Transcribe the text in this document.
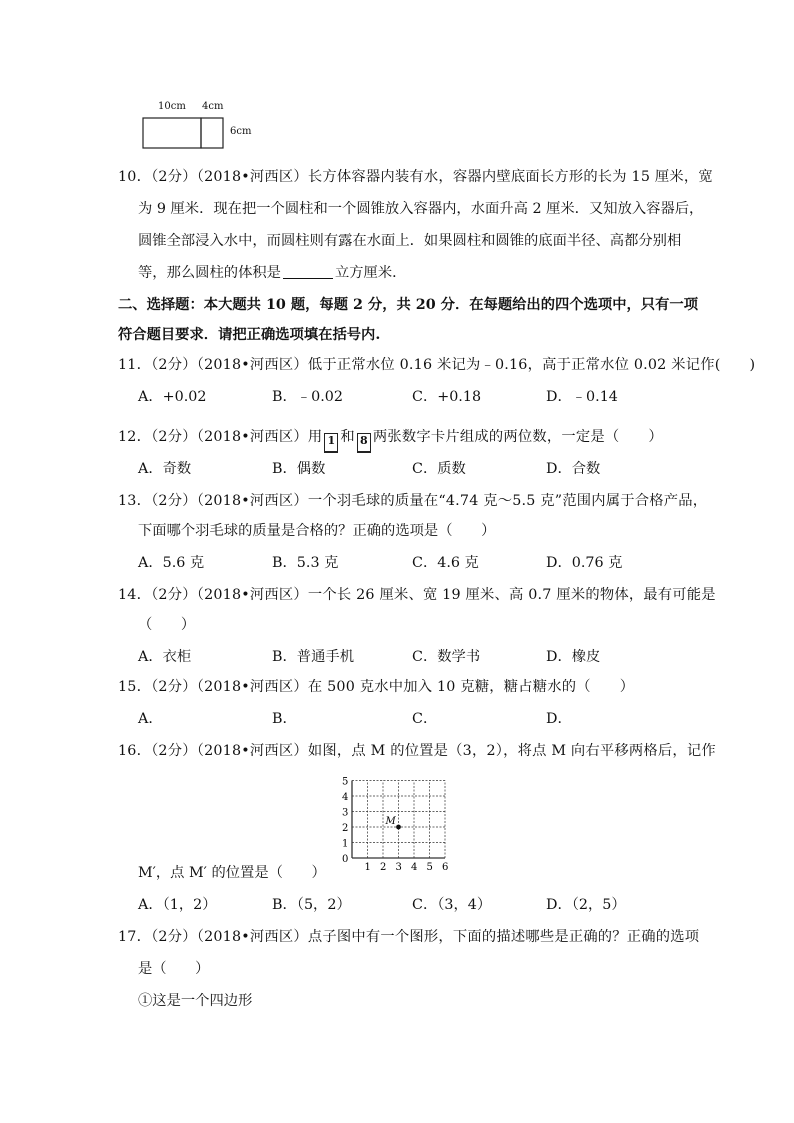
10cm 4cm
6cm
10．（2分）（2018•河西区）长方体容器内装有水，容器内壁底面长方形的长为 15 厘米，宽
为 9 厘米．现在把一个圆柱和一个圆锥放入容器内，水面升高 2 厘米．又知放入容器后，
圆锥全部浸入水中，而圆柱则有露在水面上．如果圆柱和圆锥的底面半径、高都分别相
等，那么圆柱的体积是	立方厘米．
二、选择题：本大题共 10 题，每题 2 分，共 20 分．在每题给出的四个选项中，只有一项
符合题目要求．请把正确选项填在括号内.
11．（2分）（2018•河西区）低于正常水位 0.16 米记为﹣0.16，高于正常水位 0.02 米记作(　　)
A．+0.02	B．﹣0.02	C．+0.18	D．﹣0.14
12．（2分）（2018•河西区）用 1 和 8 两张数字卡片组成的两位数，一定是（　　）
A．奇数	B．偶数	C．质数	D．合数
13．（2分）（2018•河西区）一个羽毛球的质量在“4.74 克～5.5 克”范围内属于合格产品，
下面哪个羽毛球的质量是合格的？正确的选项是（　　）
A．5.6 克	B．5.3 克	C．4.6 克	D．0.76 克
14．（2分）（2018•河西区）一个长 26 厘米、宽 19 厘米、高 0.7 厘米的物体，最有可能是
（　　）
A．衣柜	B．普通手机	C．数学书	D．橡皮
15．（2分）（2018•河西区）在 500 克水中加入 10 克糖，糖占糖水的（　　）
A．	B．	C．	D．
16．（2分）（2018•河西区）如图，点 M 的位置是（3，2），将点 M 向右平移两格后，记作
1 2 3 4 5 6
1
2
3
4
5
0
M
M′，点 M′ 的位置是（　　）
A．（1，2）	B．（5，2）	C．（3，4）	D．（2，5）
17．（2分）（2018•河西区）点子图中有一个图形，下面的描述哪些是正确的？正确的选项
是（　　）
①这是一个四边形
